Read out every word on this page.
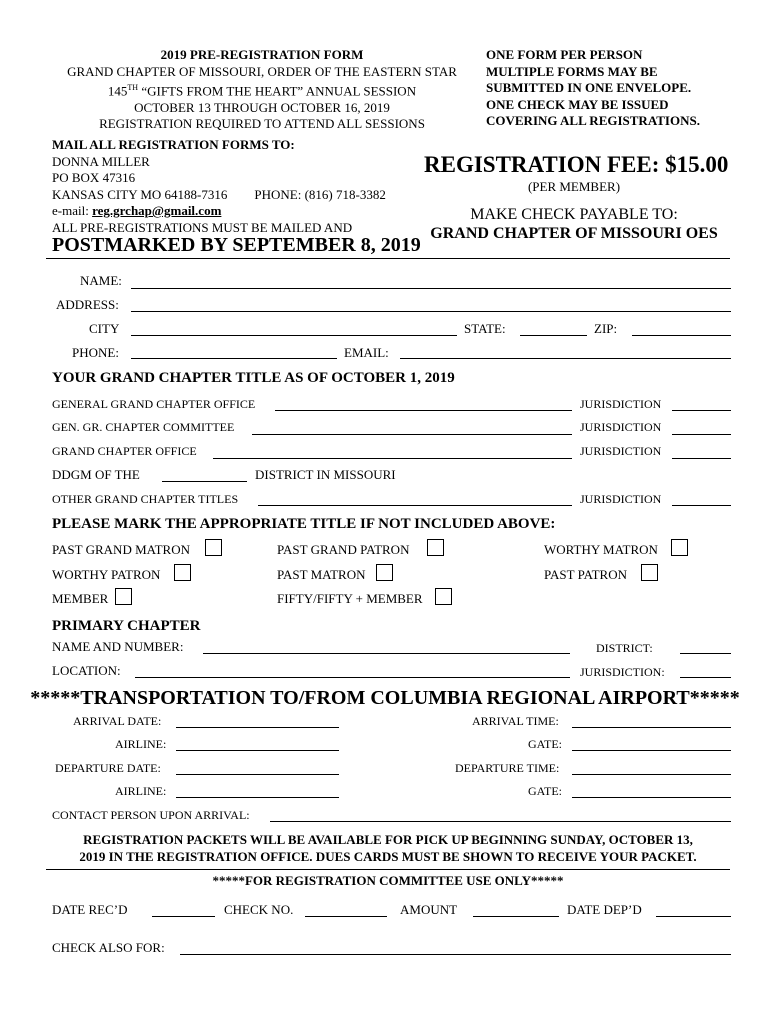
2019 PRE-REGISTRATION FORM
GRAND CHAPTER OF MISSOURI, ORDER OF THE EASTERN STAR
145TH “GIFTS FROM THE HEART” ANNUAL SESSION
OCTOBER 13 THROUGH OCTOBER 16, 2019
REGISTRATION REQUIRED TO ATTEND ALL SESSIONS
ONE FORM PER PERSON
MULTIPLE FORMS MAY BE
SUBMITTED IN ONE ENVELOPE.
ONE CHECK MAY BE ISSUED
COVERING ALL REGISTRATIONS.
MAIL ALL REGISTRATION FORMS TO:
DONNA MILLER
PO BOX 47316
KANSAS CITY MO 64188-7316 PHONE: (816) 718-3382
e-mail: reg.grchap@gmail.com
ALL PRE-REGISTRATIONS MUST BE MAILED AND
POSTMARKED BY SEPTEMBER 8, 2019
REGISTRATION FEE: $15.00
(PER MEMBER)
MAKE CHECK PAYABLE TO:
GRAND CHAPTER OF MISSOURI OES
NAME:
ADDRESS:
CITY	STATE:	ZIP:
PHONE:	EMAIL:
YOUR GRAND CHAPTER TITLE AS OF OCTOBER 1, 2019
GENERAL GRAND CHAPTER OFFICE	JURISDICTION
GEN. GR. CHAPTER COMMITTEE	JURISDICTION
GRAND CHAPTER OFFICE	JURISDICTION
DDGM OF THE	DISTRICT IN MISSOURI
OTHER GRAND CHAPTER TITLES	JURISDICTION
PLEASE MARK THE APPROPRIATE TITLE IF NOT INCLUDED ABOVE:
PAST GRAND MATRON	PAST GRAND PATRON	WORTHY MATRON
WORTHY PATRON	PAST MATRON	PAST PATRON
MEMBER	FIFTY/FIFTY + MEMBER
PRIMARY CHAPTER
NAME AND NUMBER:	DISTRICT:
LOCATION:	JURISDICTION:
*****TRANSPORTATION TO/FROM COLUMBIA REGIONAL AIRPORT*****
ARRIVAL DATE:	ARRIVAL TIME:
AIRLINE:	GATE:
DEPARTURE DATE:	DEPARTURE TIME:
AIRLINE:	GATE:
CONTACT PERSON UPON ARRIVAL:
REGISTRATION PACKETS WILL BE AVAILABLE FOR PICK UP BEGINNING SUNDAY, OCTOBER 13,
2019 IN THE REGISTRATION OFFICE. DUES CARDS MUST BE SHOWN TO RECEIVE YOUR PACKET.
*****FOR REGISTRATION COMMITTEE USE ONLY*****
DATE REC’D	CHECK NO.	AMOUNT	DATE DEP’D
CHECK ALSO FOR:
